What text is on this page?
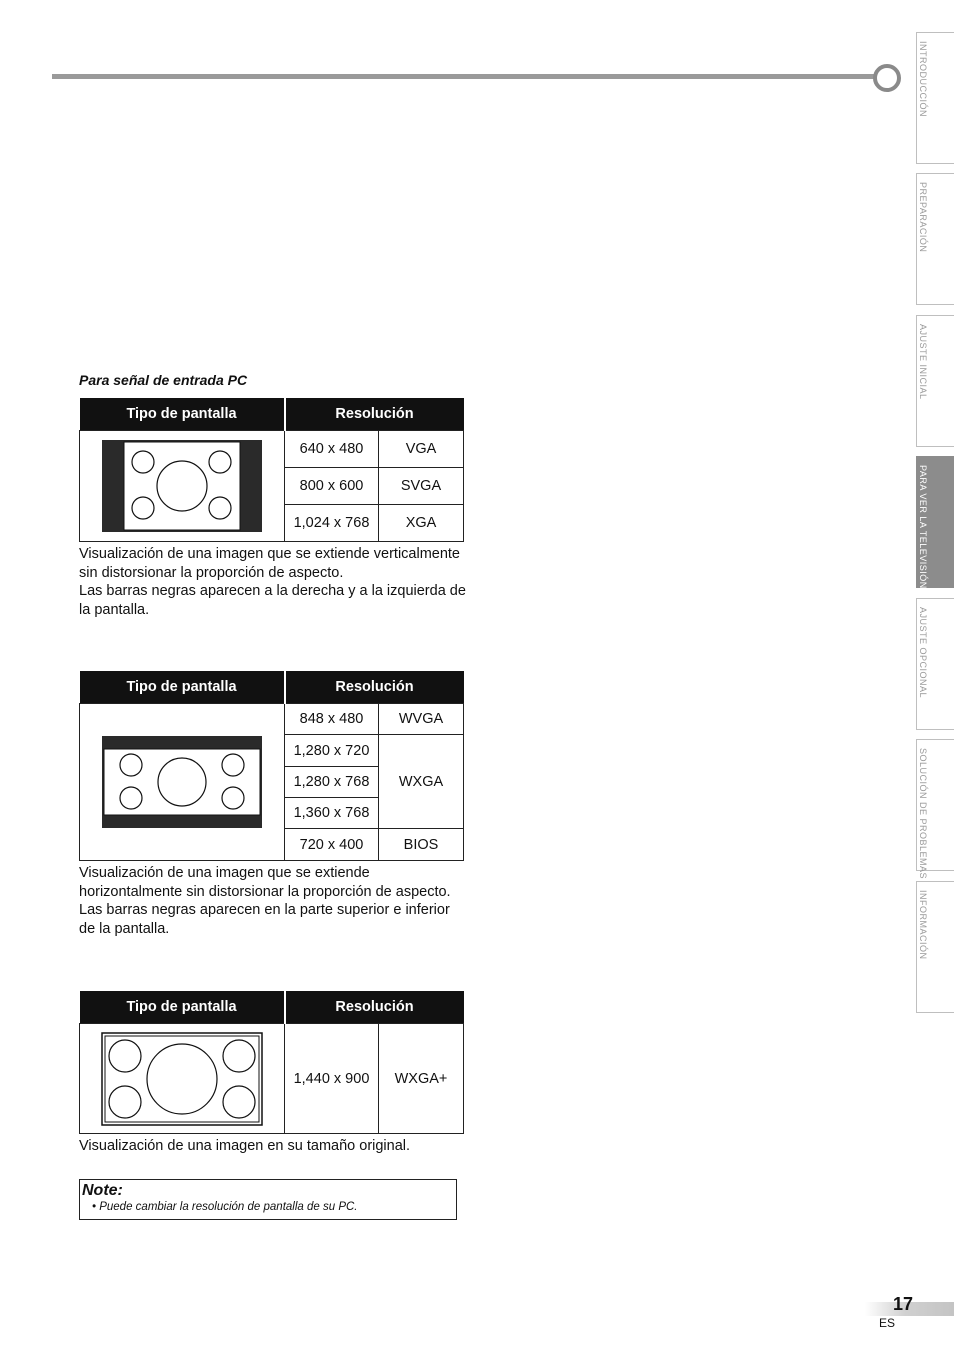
INTRODUCCIÓN
PREPARACIÓN
AJUSTE INICIAL
PARA VER LA TELEVISIÓN
AJUSTE OPCIONAL
SOLUCIÓN DE PROBLEMAS
INFORMACIÓN
Para señal de entrada PC
Tipo de pantalla	Resolución	

	640 x 480	VGA
	800 x 600	SVGA
	1,024 x 768	XGA

Visualización de una imagen que se extiende verticalmente sin distorsionar la proporción de aspecto.

Las barras negras aparecen a la derecha y a la izquierda de la pantalla.

Tipo de pantalla	Resolución	

	848 x 480	WVGA
	1,280 x 720	WXGA
	1,280 x 768	
	1,360 x 768	
	720 x 400	BIOS

Visualización de una imagen que se extiende horizontalmente sin distorsionar la proporción de aspecto.

Las barras negras aparecen en la parte superior e inferior de la pantalla.

Tipo de pantalla	Resolución	

	1,440 x 900	WXGA+

Visualización de una imagen en su tamaño original.

Note:
• Puede cambiar la resolución de pantalla de su PC.
17
ES
